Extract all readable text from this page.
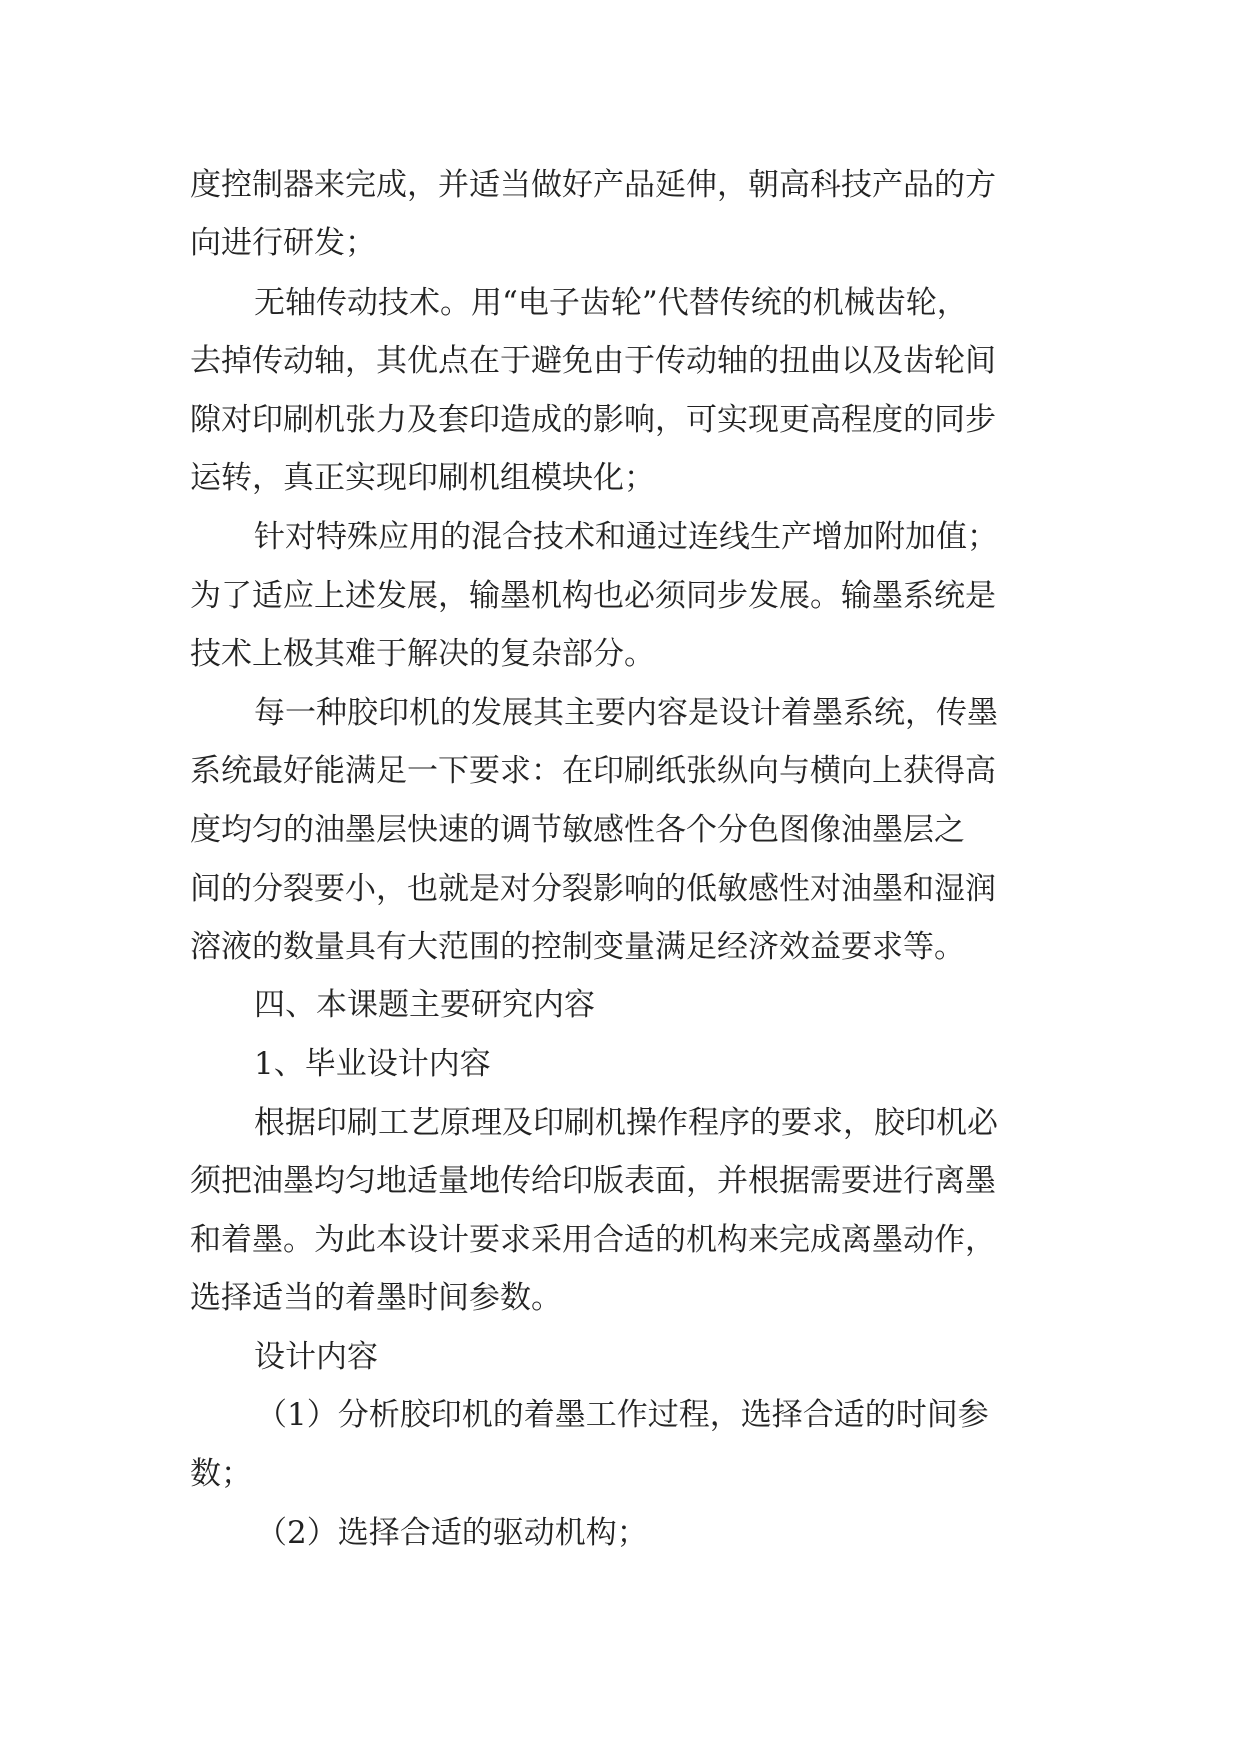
度控制器来完成，并适当做好产品延伸，朝高科技产品的方
向进行研发；
无轴传动技术。用“电子齿轮”代替传统的机械齿轮，
去掉传动轴，其优点在于避免由于传动轴的扭曲以及齿轮间
隙对印刷机张力及套印造成的影响，可实现更高程度的同步
运转，真正实现印刷机组模块化；
针对特殊应用的混合技术和通过连线生产增加附加值；
为了适应上述发展，输墨机构也必须同步发展。输墨系统是
技术上极其难于解决的复杂部分。
每一种胶印机的发展其主要内容是设计着墨系统，传墨
系统最好能满足一下要求：在印刷纸张纵向与横向上获得高
度均匀的油墨层快速的调节敏感性各个分色图像油墨层之
间的分裂要小，也就是对分裂影响的低敏感性对油墨和湿润
溶液的数量具有大范围的控制变量满足经济效益要求等。
四、本课题主要研究内容
1、毕业设计内容
根据印刷工艺原理及印刷机操作程序的要求，胶印机必
须把油墨均匀地适量地传给印版表面，并根据需要进行离墨
和着墨。为此本设计要求采用合适的机构来完成离墨动作，
选择适当的着墨时间参数。
设计内容
（1）分析胶印机的着墨工作过程，选择合适的时间参
数；
（2）选择合适的驱动机构；
